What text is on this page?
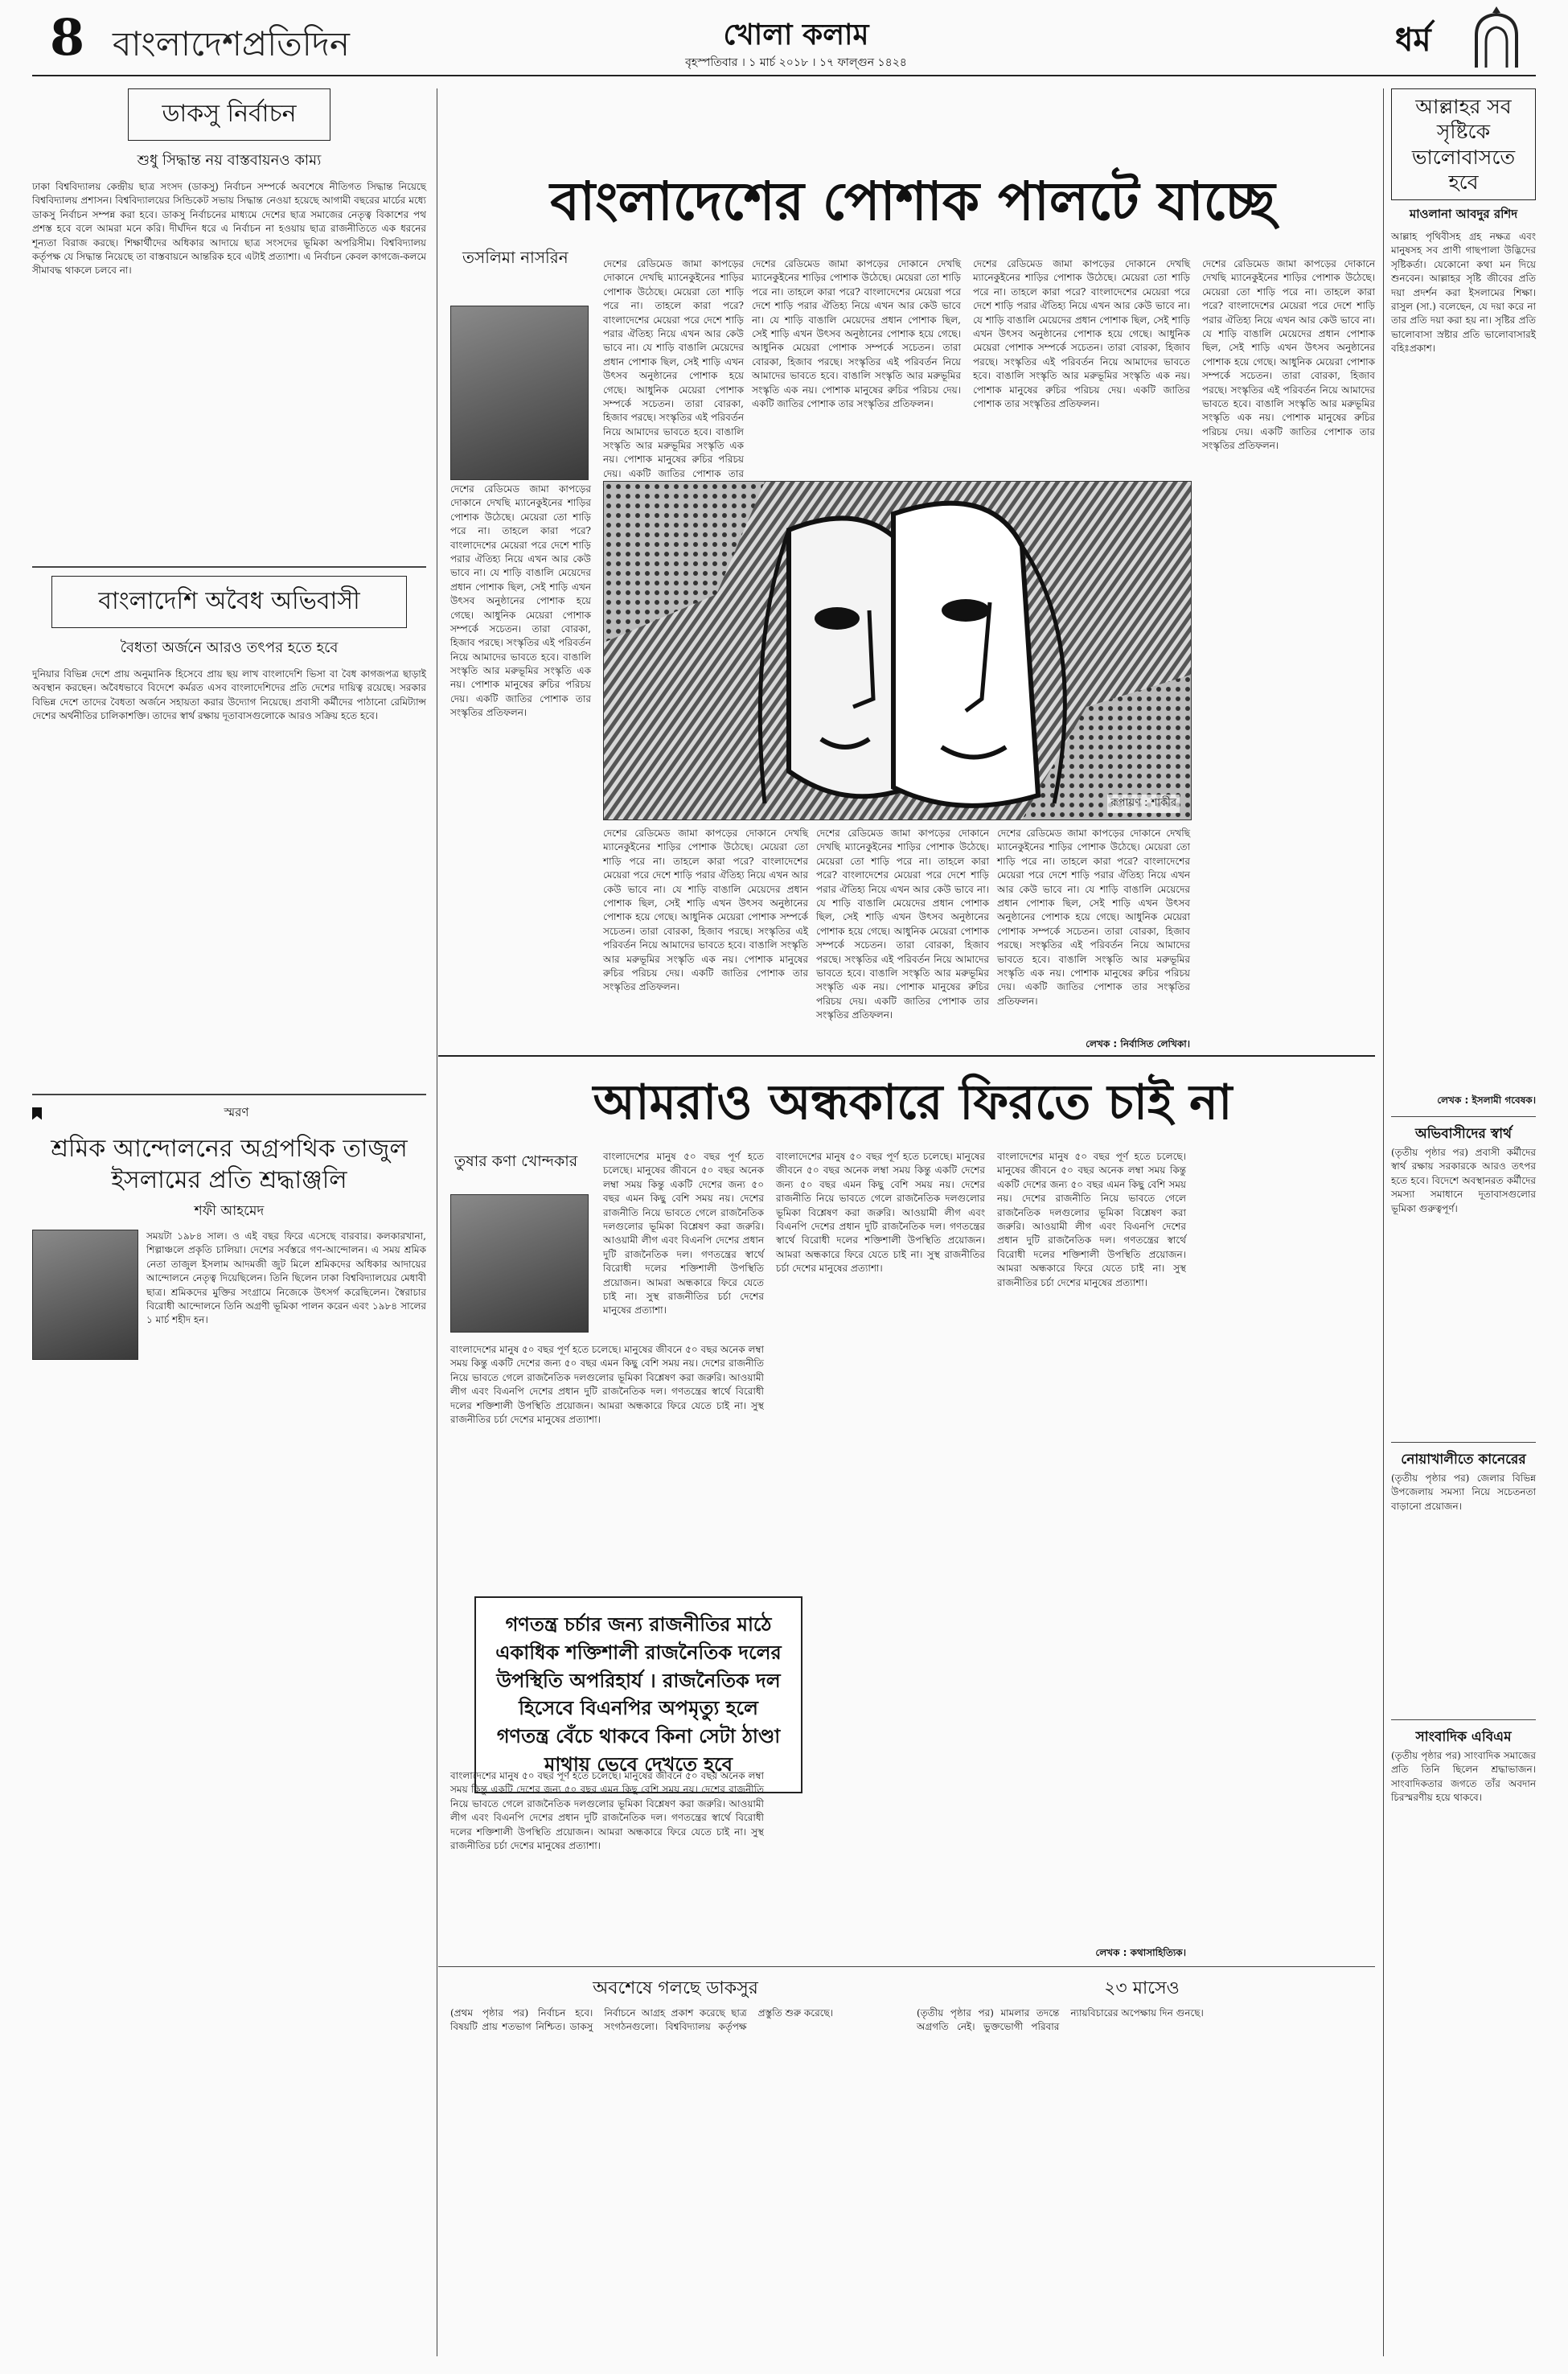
8 বাংলাদেশপ্রতিদিন	খোলা কলাম
বৃহস্পতিবার । ১ মার্চ ২০১৮ । ১৭ ফাল্গুন ১৪২৪
ধর্ম
ডাকসু নির্বাচন
শুধু সিদ্ধান্ত নয় বাস্তবায়নও কাম্য
ঢাকা বিশ্ববিদ্যালয় কেন্দ্রীয় ছাত্র সংসদ (ডাকসু) নির্বাচন সম্পর্কে অবশেষে নীতিগত সিদ্ধান্ত নিয়েছে বিশ্ববিদ্যালয় প্রশাসন। বিশ্ববিদ্যালয়ের সিন্ডিকেট সভায় সিদ্ধান্ত নেওয়া হয়েছে আগামী বছরের মার্চের মধ্যে ডাকসু নির্বাচন সম্পন্ন করা হবে। ডাকসু নির্বাচনের মাধ্যমে দেশের ছাত্র সমাজের নেতৃত্ব বিকাশের পথ প্রশস্ত হবে বলে আমরা মনে করি। দীর্ঘদিন ধরে এ নির্বাচন না হওয়ায় ছাত্র রাজনীতিতে এক ধরনের শূন্যতা বিরাজ করছে। শিক্ষার্থীদের অধিকার আদায়ে ছাত্র সংসদের ভূমিকা অপরিসীম। বিশ্ববিদ্যালয় কর্তৃপক্ষ যে সিদ্ধান্ত নিয়েছে তা বাস্তবায়নে আন্তরিক হবে এটাই প্রত্যাশা। এ নির্বাচন কেবল কাগজে-কলমে সীমাবদ্ধ থাকলে চলবে না।
বাংলাদেশি অবৈধ অভিবাসী
বৈধতা অর্জনে আরও তৎপর হতে হবে
দুনিয়ার বিভিন্ন দেশে প্রায় অনুমানিক হিসেবে প্রায় ছয় লাখ বাংলাদেশি ভিসা বা বৈধ কাগজপত্র ছাড়াই অবস্থান করছেন। অবৈধভাবে বিদেশে কর্মরত এসব বাংলাদেশিদের প্রতি দেশের দায়িত্ব রয়েছে। সরকার বিভিন্ন দেশে তাদের বৈধতা অর্জনে সহায়তা করার উদ্যোগ নিয়েছে। প্রবাসী কর্মীদের পাঠানো রেমিট্যান্স দেশের অর্থনীতির চালিকাশক্তি। তাদের স্বার্থ রক্ষায় দূতাবাসগুলোকে আরও সক্রিয় হতে হবে।
স্মরণ
শ্রমিক আন্দোলনের অগ্রপথিক তাজুল ইসলামের প্রতি শ্রদ্ধাঞ্জলি
শফী আহমেদ
সময়টা ১৯৮৪ সাল। ও এই বছর ফিরে এসেছে বারবার। কলকারখানা, শিল্পাঞ্চলে প্রকৃতি চালিয়া। দেশের সর্বস্তরে গণ-আন্দোলন। এ সময় শ্রমিক নেতা তাজুল ইসলাম আদমজী জুট মিলে শ্রমিকদের অধিকার আদায়ের আন্দোলনে নেতৃত্ব দিয়েছিলেন। তিনি ছিলেন ঢাকা বিশ্ববিদ্যালয়ের মেধাবী ছাত্র। শ্রমিকদের মুক্তির সংগ্রামে নিজেকে উৎসর্গ করেছিলেন। স্বৈরাচার বিরোধী আন্দোলনে তিনি অগ্রণী ভূমিকা পালন করেন এবং ১৯৮৪ সালের ১ মার্চ শহীদ হন।
বাংলাদেশের পোশাক পালটে যাচ্ছে
তসলিমা নাসরিন	দেশের রেডিমেড জামা কাপড়ের দোকানে দেখছি ম্যানেকুইনের শাড়ির পোশাক উঠেছে। মেয়েরা তো শাড়ি পরে না। তাহলে কারা পরে? বাংলাদেশের মেয়েরা পরে দেশে শাড়ি পরার ঐতিহ্য নিয়ে এখন আর কেউ ভাবে না। যে শাড়ি বাঙালি মেয়েদের প্রধান পোশাক ছিল, সেই শাড়ি এখন উৎসব অনুষ্ঠানের পোশাক হয়ে গেছে। আধুনিক মেয়েরা পোশাক সম্পর্কে সচেতন। তারা বোরকা, হিজাব পরছে। সংস্কৃতির এই পরিবর্তন নিয়ে আমাদের ভাবতে হবে। বাঙালি সংস্কৃতি আর মরুভূমির সংস্কৃতি এক নয়। পোশাক মানুষের রুচির পরিচয় দেয়। একটি জাতির পোশাক তার
দেশের রেডিমেড জামা কাপড়ের দোকানে দেখছি ম্যানেকুইনের শাড়ির পোশাক উঠেছে। মেয়েরা তো শাড়ি পরে না। তাহলে কারা পরে? বাংলাদেশের মেয়েরা পরে দেশে শাড়ি পরার ঐতিহ্য নিয়ে এখন আর কেউ ভাবে না। যে শাড়ি বাঙালি মেয়েদের প্রধান পোশাক ছিল, সেই শাড়ি এখন উৎসব অনুষ্ঠানের পোশাক হয়ে গেছে। আধুনিক মেয়েরা পোশাক সম্পর্কে সচেতন। তারা বোরকা, হিজাব পরছে। সংস্কৃতির এই পরিবর্তন নিয়ে আমাদের ভাবতে হবে। বাঙালি সংস্কৃতি আর মরুভূমির সংস্কৃতি এক নয়। পোশাক মানুষের রুচির পরিচয় দেয়। একটি জাতির পোশাক তার সংস্কৃতির প্রতিফলন।
দেশের রেডিমেড জামা কাপড়ের দোকানে দেখছি ম্যানেকুইনের শাড়ির পোশাক উঠেছে। মেয়েরা তো শাড়ি পরে না। তাহলে কারা পরে? বাংলাদেশের মেয়েরা পরে দেশে শাড়ি পরার ঐতিহ্য নিয়ে এখন আর কেউ ভাবে না। যে শাড়ি বাঙালি মেয়েদের প্রধান পোশাক ছিল, সেই শাড়ি এখন উৎসব অনুষ্ঠানের পোশাক হয়ে গেছে। আধুনিক মেয়েরা পোশাক সম্পর্কে সচেতন। তারা বোরকা, হিজাব পরছে। সংস্কৃতির এই পরিবর্তন নিয়ে আমাদের ভাবতে হবে। বাঙালি সংস্কৃতি আর মরুভূমির সংস্কৃতি এক নয়। পোশাক মানুষের রুচির পরিচয় দেয়। একটি জাতির পোশাক তার সংস্কৃতির প্রতিফলন।
দেশের রেডিমেড জামা কাপড়ের দোকানে দেখছি ম্যানেকুইনের শাড়ির পোশাক উঠেছে। মেয়েরা তো শাড়ি পরে না। তাহলে কারা পরে? বাংলাদেশের মেয়েরা পরে দেশে শাড়ি পরার ঐতিহ্য নিয়ে এখন আর কেউ ভাবে না। যে শাড়ি বাঙালি মেয়েদের প্রধান পোশাক ছিল, সেই শাড়ি এখন উৎসব অনুষ্ঠানের পোশাক হয়ে গেছে। আধুনিক মেয়েরা পোশাক সম্পর্কে সচেতন। তারা বোরকা, হিজাব পরছে। সংস্কৃতির এই পরিবর্তন নিয়ে আমাদের ভাবতে হবে। বাঙালি সংস্কৃতি আর মরুভূমির সংস্কৃতি এক নয়। পোশাক মানুষের রুচির পরিচয় দেয়। একটি জাতির পোশাক তার সংস্কৃতির প্রতিফলন।
রূপায়ণ : শাকীর
দেশের রেডিমেড জামা কাপড়ের দোকানে দেখছি ম্যানেকুইনের শাড়ির পোশাক উঠেছে। মেয়েরা তো শাড়ি পরে না। তাহলে কারা পরে? বাংলাদেশের মেয়েরা পরে দেশে শাড়ি পরার ঐতিহ্য নিয়ে এখন আর কেউ ভাবে না। যে শাড়ি বাঙালি মেয়েদের প্রধান পোশাক ছিল, সেই শাড়ি এখন উৎসব অনুষ্ঠানের পোশাক হয়ে গেছে। আধুনিক মেয়েরা পোশাক সম্পর্কে সচেতন। তারা বোরকা, হিজাব পরছে। সংস্কৃতির এই পরিবর্তন নিয়ে আমাদের ভাবতে হবে। বাঙালি সংস্কৃতি আর মরুভূমির সংস্কৃতি এক নয়। পোশাক মানুষের রুচির পরিচয় দেয়। একটি জাতির পোশাক তার সংস্কৃতির প্রতিফলন।
দেশের রেডিমেড জামা কাপড়ের দোকানে দেখছি ম্যানেকুইনের শাড়ির পোশাক উঠেছে। মেয়েরা তো শাড়ি পরে না। তাহলে কারা পরে? বাংলাদেশের মেয়েরা পরে দেশে শাড়ি পরার ঐতিহ্য নিয়ে এখন আর কেউ ভাবে না। যে শাড়ি বাঙালি মেয়েদের প্রধান পোশাক ছিল, সেই শাড়ি এখন উৎসব অনুষ্ঠানের পোশাক হয়ে গেছে। আধুনিক মেয়েরা পোশাক সম্পর্কে সচেতন। তারা বোরকা, হিজাব পরছে। সংস্কৃতির এই পরিবর্তন নিয়ে আমাদের ভাবতে হবে। বাঙালি সংস্কৃতি আর মরুভূমির সংস্কৃতি এক নয়। পোশাক মানুষের রুচির পরিচয় দেয়। একটি জাতির পোশাক তার সংস্কৃতির প্রতিফলন।
দেশের রেডিমেড জামা কাপড়ের দোকানে দেখছি ম্যানেকুইনের শাড়ির পোশাক উঠেছে। মেয়েরা তো শাড়ি পরে না। তাহলে কারা পরে? বাংলাদেশের মেয়েরা পরে দেশে শাড়ি পরার ঐতিহ্য নিয়ে এখন আর কেউ ভাবে না। যে শাড়ি বাঙালি মেয়েদের প্রধান পোশাক ছিল, সেই শাড়ি এখন উৎসব অনুষ্ঠানের পোশাক হয়ে গেছে। আধুনিক মেয়েরা পোশাক সম্পর্কে সচেতন। তারা বোরকা, হিজাব পরছে। সংস্কৃতির এই পরিবর্তন নিয়ে আমাদের ভাবতে হবে। বাঙালি সংস্কৃতি আর মরুভূমির সংস্কৃতি এক নয়। পোশাক মানুষের রুচির পরিচয় দেয়। একটি জাতির পোশাক তার সংস্কৃতির প্রতিফলন।
দেশের রেডিমেড জামা কাপড়ের দোকানে দেখছি ম্যানেকুইনের শাড়ির পোশাক উঠেছে। মেয়েরা তো শাড়ি পরে না। তাহলে কারা পরে? বাংলাদেশের মেয়েরা পরে দেশে শাড়ি পরার ঐতিহ্য নিয়ে এখন আর কেউ ভাবে না। যে শাড়ি বাঙালি মেয়েদের প্রধান পোশাক ছিল, সেই শাড়ি এখন উৎসব অনুষ্ঠানের পোশাক হয়ে গেছে। আধুনিক মেয়েরা পোশাক সম্পর্কে সচেতন। তারা বোরকা, হিজাব পরছে। সংস্কৃতির এই পরিবর্তন নিয়ে আমাদের ভাবতে হবে। বাঙালি সংস্কৃতি আর মরুভূমির সংস্কৃতি এক নয়। পোশাক মানুষের রুচির পরিচয় দেয়। একটি জাতির পোশাক তার সংস্কৃতির প্রতিফলন।
লেখক : নির্বাসিত লেখিকা।
আমরাও অন্ধকারে ফিরতে চাই না
তুষার কণা খোন্দকার	বাংলাদেশের মানুষ ৫০ বছর পূর্ণ হতে চলেছে। মানুষের জীবনে ৫০ বছর অনেক লম্বা সময় কিন্তু একটি দেশের জন্য ৫০ বছর এমন কিছু বেশি সময় নয়। দেশের রাজনীতি নিয়ে ভাবতে গেলে রাজনৈতিক দলগুলোর ভূমিকা বিশ্লেষণ করা জরুরি। আওয়ামী লীগ এবং বিএনপি দেশের প্রধান দুটি রাজনৈতিক দল। গণতন্ত্রের স্বার্থে বিরোধী দলের শক্তিশালী উপস্থিতি প্রয়োজন। আমরা অন্ধকারে ফিরে যেতে চাই না। সুস্থ রাজনীতির চর্চা দেশের মানুষের প্রত্যাশা।
বাংলাদেশের মানুষ ৫০ বছর পূর্ণ হতে চলেছে। মানুষের জীবনে ৫০ বছর অনেক লম্বা সময় কিন্তু একটি দেশের জন্য ৫০ বছর এমন কিছু বেশি সময় নয়। দেশের রাজনীতি নিয়ে ভাবতে গেলে রাজনৈতিক দলগুলোর ভূমিকা বিশ্লেষণ করা জরুরি। আওয়ামী লীগ এবং বিএনপি দেশের প্রধান দুটি রাজনৈতিক দল। গণতন্ত্রের স্বার্থে বিরোধী দলের শক্তিশালী উপস্থিতি প্রয়োজন। আমরা অন্ধকারে ফিরে যেতে চাই না। সুস্থ রাজনীতির চর্চা দেশের মানুষের প্রত্যাশা।
বাংলাদেশের মানুষ ৫০ বছর পূর্ণ হতে চলেছে। মানুষের জীবনে ৫০ বছর অনেক লম্বা সময় কিন্তু একটি দেশের জন্য ৫০ বছর এমন কিছু বেশি সময় নয়। দেশের রাজনীতি নিয়ে ভাবতে গেলে রাজনৈতিক দলগুলোর ভূমিকা বিশ্লেষণ করা জরুরি। আওয়ামী লীগ এবং বিএনপি দেশের প্রধান দুটি রাজনৈতিক দল। গণতন্ত্রের স্বার্থে বিরোধী দলের শক্তিশালী উপস্থিতি প্রয়োজন। আমরা অন্ধকারে ফিরে যেতে চাই না। সুস্থ রাজনীতির চর্চা দেশের মানুষের প্রত্যাশা।
বাংলাদেশের মানুষ ৫০ বছর পূর্ণ হতে চলেছে। মানুষের জীবনে ৫০ বছর অনেক লম্বা সময় কিন্তু একটি দেশের জন্য ৫০ বছর এমন কিছু বেশি সময় নয়। দেশের রাজনীতি নিয়ে ভাবতে গেলে রাজনৈতিক দলগুলোর ভূমিকা বিশ্লেষণ করা জরুরি। আওয়ামী লীগ এবং বিএনপি দেশের প্রধান দুটি রাজনৈতিক দল। গণতন্ত্রের স্বার্থে বিরোধী দলের শক্তিশালী উপস্থিতি প্রয়োজন। আমরা অন্ধকারে ফিরে যেতে চাই না। সুস্থ রাজনীতির চর্চা দেশের মানুষের প্রত্যাশা।
গণতন্ত্র চর্চার জন্য রাজনীতির মাঠে একাধিক শক্তিশালী রাজনৈতিক দলের উপস্থিতি অপরিহার্য । রাজনৈতিক দল হিসেবে বিএনপির অপমৃত্যু হলে গণতন্ত্র বেঁচে থাকবে কিনা সেটা ঠাণ্ডা মাথায় ভেবে দেখতে হবে
বাংলাদেশের মানুষ ৫০ বছর পূর্ণ হতে চলেছে। মানুষের জীবনে ৫০ বছর অনেক লম্বা সময় কিন্তু একটি দেশের জন্য ৫০ বছর এমন কিছু বেশি সময় নয়। দেশের রাজনীতি নিয়ে ভাবতে গেলে রাজনৈতিক দলগুলোর ভূমিকা বিশ্লেষণ করা জরুরি। আওয়ামী লীগ এবং বিএনপি দেশের প্রধান দুটি রাজনৈতিক দল। গণতন্ত্রের স্বার্থে বিরোধী দলের শক্তিশালী উপস্থিতি প্রয়োজন। আমরা অন্ধকারে ফিরে যেতে চাই না। সুস্থ রাজনীতির চর্চা দেশের মানুষের প্রত্যাশা।
লেখক : কথাসাহিত্যিক।
অবশেষে গলছে ডাকসুর
(প্রথম পৃষ্ঠার পর) নির্বাচন হবে। বিষয়টি প্রায় শতভাগ নিশ্চিত। ডাকসু নির্বাচনে আগ্রহ প্রকাশ করেছে ছাত্র সংগঠনগুলো। বিশ্ববিদ্যালয় কর্তৃপক্ষ প্রস্তুতি শুরু করেছে।
২৩ মাসেও
(তৃতীয় পৃষ্ঠার পর) মামলার তদন্তে অগ্রগতি নেই। ভুক্তভোগী পরিবার ন্যায়বিচারের অপেক্ষায় দিন গুনছে।
আল্লাহর সব সৃষ্টিকে ভালোবাসতে হবে
মাওলানা আবদুর রশিদ
আল্লাহ পৃথিবীসহ গ্রহ নক্ষত্র এবং মানুষসহ সব প্রাণী গাছপালা উদ্ভিদের সৃষ্টিকর্তা। যেকোনো কথা মন দিয়ে শুনবেন। আল্লাহর সৃষ্টি জীবের প্রতি দয়া প্রদর্শন করা ইসলামের শিক্ষা। রাসুল (সা.) বলেছেন, যে দয়া করে না তার প্রতি দয়া করা হয় না। সৃষ্টির প্রতি ভালোবাসা স্রষ্টার প্রতি ভালোবাসারই বহিঃপ্রকাশ।
লেখক : ইসলামী গবেষক।
অভিবাসীদের স্বার্থ
(তৃতীয় পৃষ্ঠার পর) প্রবাসী কর্মীদের স্বার্থ রক্ষায় সরকারকে আরও তৎপর হতে হবে। বিদেশে অবস্থানরত কর্মীদের সমস্যা সমাধানে দূতাবাসগুলোর ভূমিকা গুরুত্বপূর্ণ।
নোয়াখালীতে কানেরের
(তৃতীয় পৃষ্ঠার পর) জেলার বিভিন্ন উপজেলায় সমস্যা নিয়ে সচেতনতা বাড়ানো প্রয়োজন।
সাংবাদিক এবিএম
(তৃতীয় পৃষ্ঠার পর) সাংবাদিক সমাজের প্রতি তিনি ছিলেন শ্রদ্ধাভাজন। সাংবাদিকতার জগতে তাঁর অবদান চিরস্মরণীয় হয়ে থাকবে।
